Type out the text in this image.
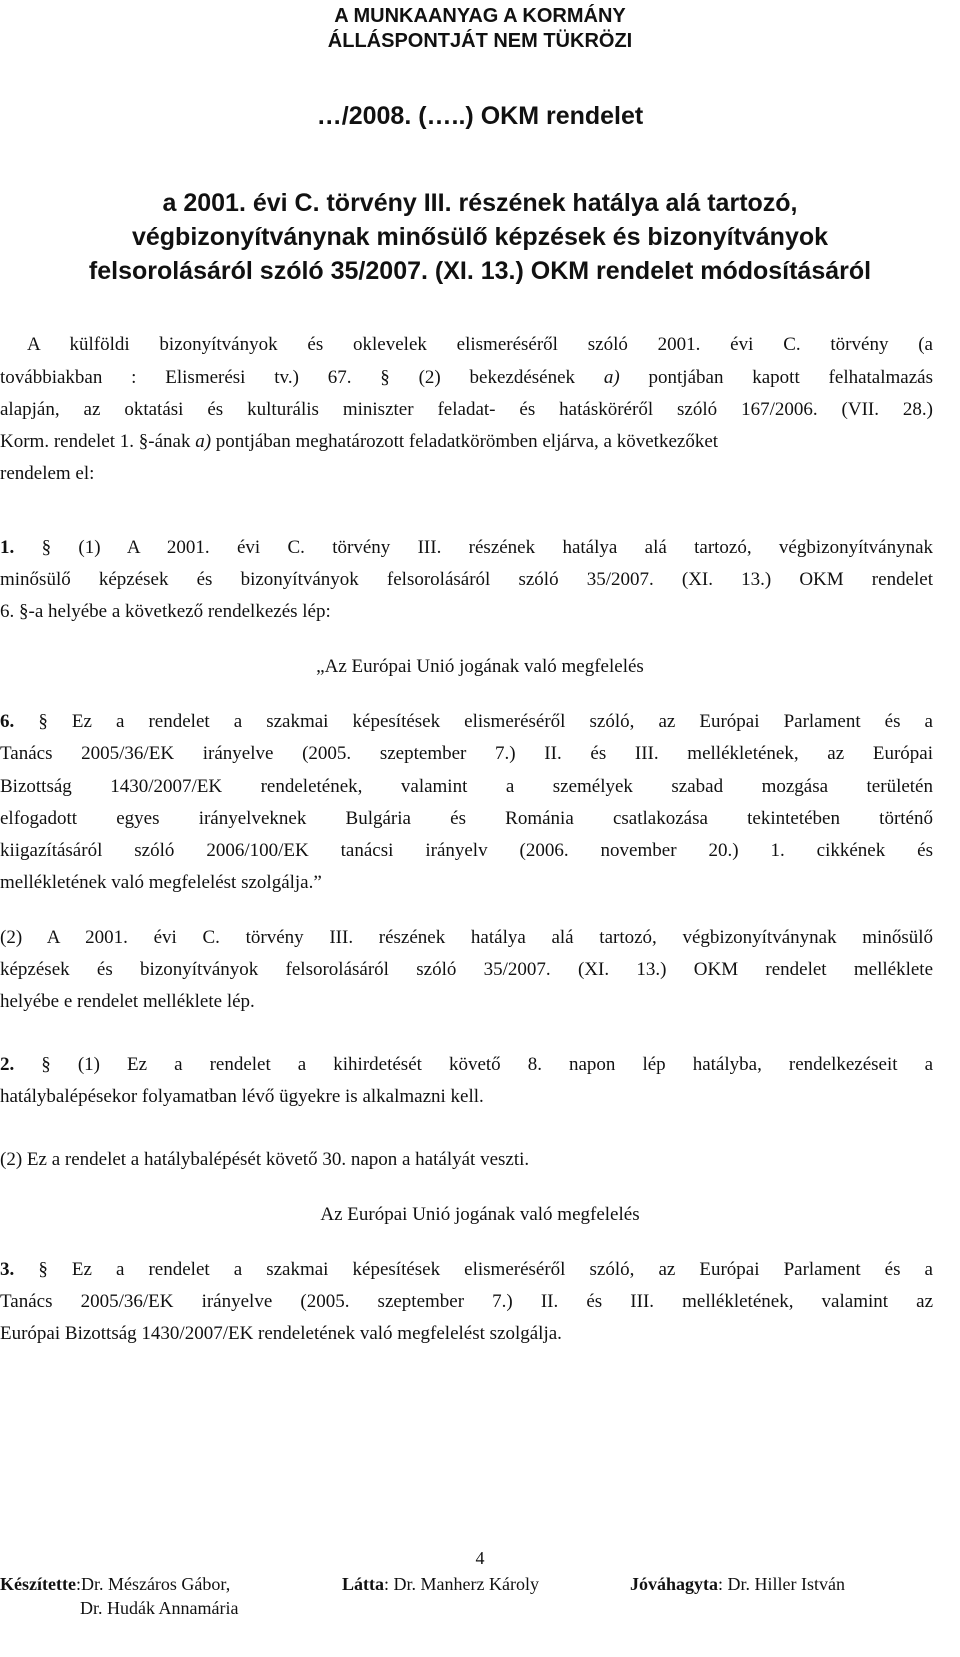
A MUNKAANYAG A KORMÁNY
ÁLLÁSPONTJÁT NEM TÜKRÖZI
…/2008. (…..) OKM rendelet
a 2001. évi C. törvény III. részének hatálya alá tartozó,
végbizonyítványnak minősülő képzések és bizonyítványok
felsorolásáról szóló 35/2007. (XI. 13.) OKM rendelet módosításáról
A külföldi bizonyítványok és oklevelek elismeréséről szóló 2001. évi C. törvény (a
továbbiakban : Elismerési tv.) 67. § (2) bekezdésének a) pontjában kapott felhatalmazás
alapján, az oktatási és kulturális miniszter feladat- és hatásköréről szóló 167/2006. (VII. 28.)
Korm. rendelet 1. §-ának a) pontjában meghatározott feladatkörömben eljárva, a következőket
rendelem el:
1. § (1) A 2001. évi C. törvény III. részének hatálya alá tartozó, végbizonyítványnak
minősülő képzések és bizonyítványok felsorolásáról szóló 35/2007. (XI. 13.) OKM rendelet
6. §-a helyébe a következő rendelkezés lép:
„Az Európai Unió jogának való megfelelés
6. § Ez a rendelet a szakmai képesítések elismeréséről szóló, az Európai Parlament és a
Tanács 2005/36/EK irányelve (2005. szeptember 7.) II. és III. mellékletének, az Európai
Bizottság 1430/2007/EK rendeletének, valamint a személyek szabad mozgása területén
elfogadott egyes irányelveknek Bulgária és Románia csatlakozása tekintetében történő
kiigazításáról szóló 2006/100/EK tanácsi irányelv (2006. november 20.) 1. cikkének és
mellékletének való megfelelést szolgálja.”
(2) A 2001. évi C. törvény III. részének hatálya alá tartozó, végbizonyítványnak minősülő
képzések és bizonyítványok felsorolásáról szóló 35/2007. (XI. 13.) OKM rendelet melléklete
helyébe e rendelet melléklete lép.
2. § (1) Ez a rendelet a kihirdetését követő 8. napon lép hatályba, rendelkezéseit a
hatálybalépésekor folyamatban lévő ügyekre is alkalmazni kell.
(2) Ez a rendelet a hatálybalépését követő 30. napon a hatályát veszti.
Az Európai Unió jogának való megfelelés
3. § Ez a rendelet a szakmai képesítések elismeréséről szóló, az Európai Parlament és a
Tanács 2005/36/EK irányelve (2005. szeptember 7.) II. és III. mellékletének, valamint az
Európai Bizottság 1430/2007/EK rendeletének való megfelelést szolgálja.
4
Készítette:Dr. Mészáros Gábor,
Dr. Hudák Annamária
Látta: Dr. Manherz Károly	Jóváhagyta: Dr. Hiller István
